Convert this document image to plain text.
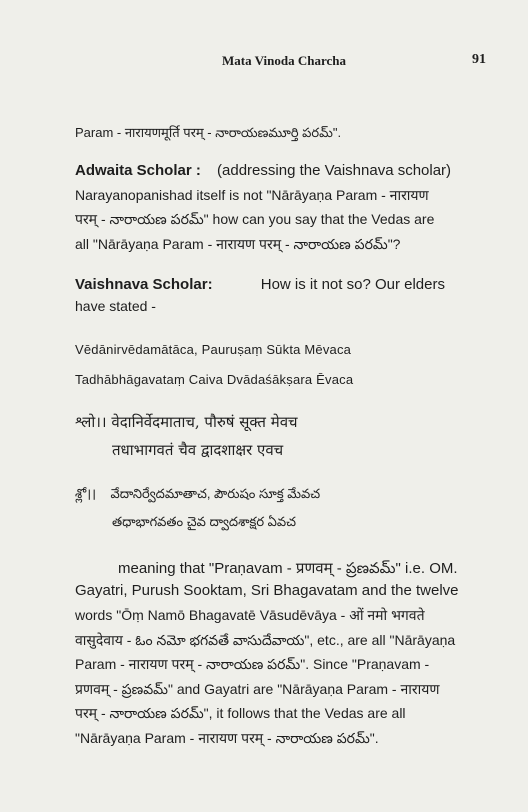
Mata Vinoda Charcha	91
Param - नारायणमूर्ति परम् - నారాయణమూర్తి పరమ్".
Adwaita Scholar : (addressing the Vaishnava scholar)
Narayanopanishad itself is not "Nārāyaṇa Param - नारायण
परम् - నారాయణ పరమ్" how can you say that the Vedas are
all "Nārāyaṇa Param - नारायण परम् - నారాయణ పరమ్"?
Vaishnava Scholar:	How is it not so? Our elders
have stated -
Vēdānirvēdamātāca, Pauruṣaṃ Sūkta Mēvaca
Tadhābhāgavataṃ Caiva Dvādaśākṣara Ēvaca
श्लो।। वेदानिर्वेदमाताच, पौरुषं सूक्त मेवच
तधाभागवतं चैव द्वादशाक्षर एवच
శ్లో।।    వేదానిర్వేదమాతాచ, పౌరుషం సూక్త మేవచ
తధాభాగవతం చైవ ద్వాదశాక్షర ఏవచ
meaning that "Praṇavam - प्रणवम् - ప్రణవమ్" i.e. OM.
Gayatri, Purush Sooktam, Sri Bhagavatam and the twelve
words "Ōṃ Namō Bhagavatē Vāsudēvāya - ओं नमो भगवते
वासुदेवाय - ఓం నమో భగవతే వాసుదేవాయ", etc., are all "Nārāyaṇa
Param - नारायण परम् - నారాయణ పరమ్". Since "Praṇavam -
प्रणवम् - ప్రణవమ్" and Gayatri are "Nārāyaṇa Param - नारायण
परम् - నారాయణ పరమ్", it follows that the Vedas are all
"Nārāyaṇa Param - नारायण परम् - నారాయణ పరమ్".
